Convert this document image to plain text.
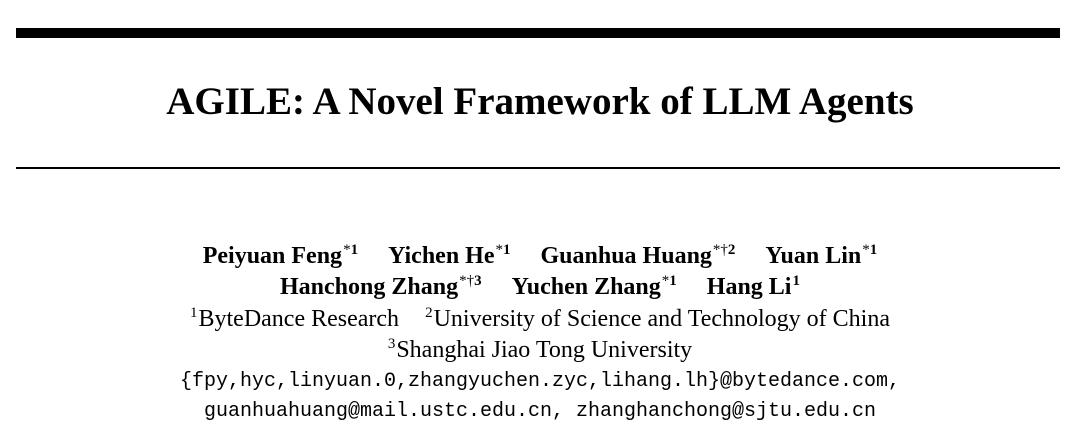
AGILE: A Novel Framework of LLM Agents
Peiyuan Feng$^{*1}$ Yichen He$^{*1}$ Guanhua Huang$^{*\dagger 2}$ Yuan Lin$^{*1}$
Hanchong Zhang$^{*\dagger 3}$ Yuchen Zhang$^{*1}$ Hang Li$^1$
$^1$ByteDance Research $^2$University of Science and Technology of China
$^3$Shanghai Jiao Tong University
{fpy,hyc,linyuan.0,zhangyuchen.zyc,lihang.lh}@bytedance.com,
guanhuahuang@mail.ustc.edu.cn, zhanghanchong@sjtu.edu.cn
